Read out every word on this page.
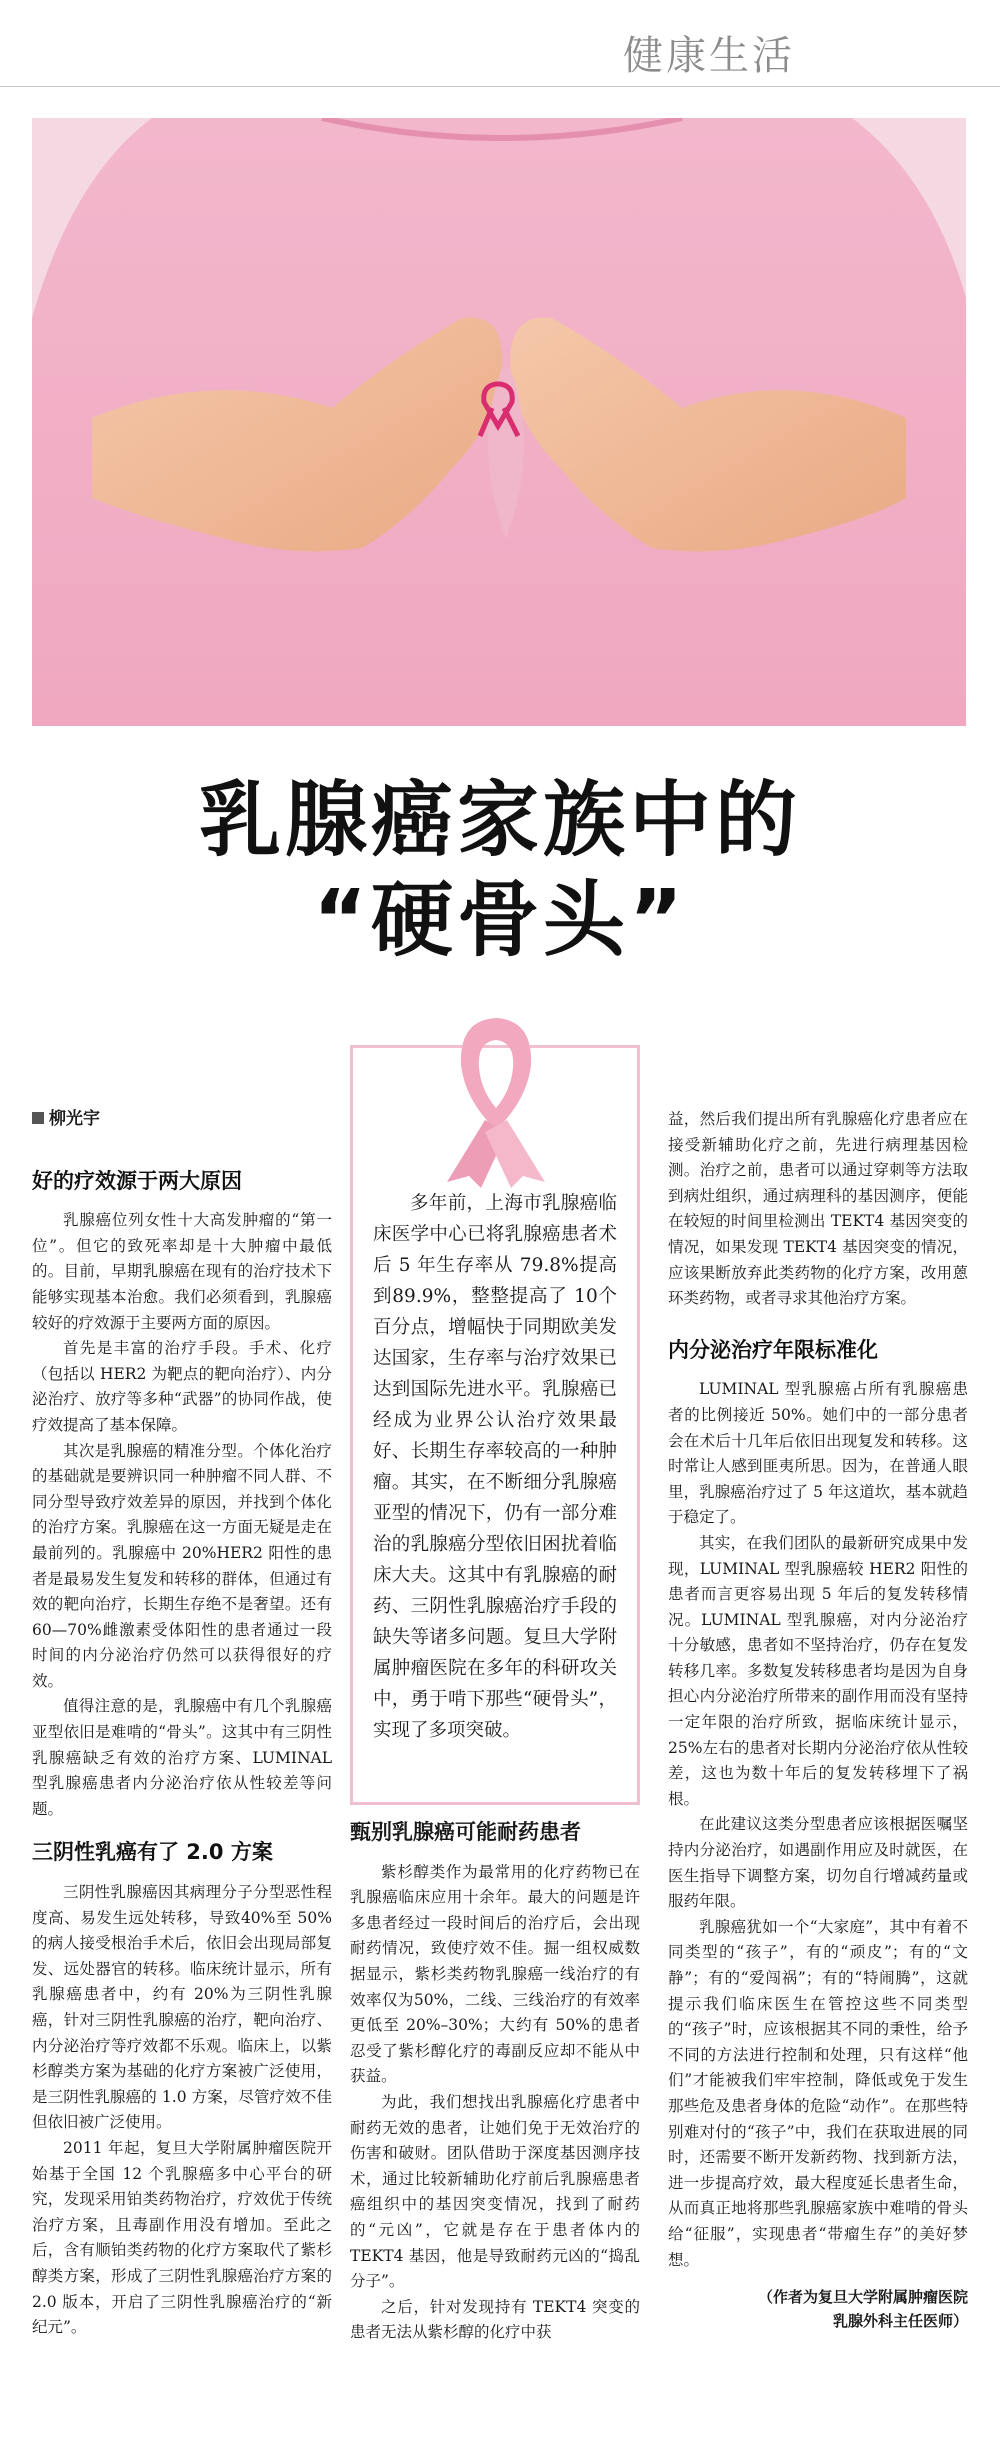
健康生活
乳腺癌家族中的
“硬骨头”
柳光宇
好的疗效源于两大原因

乳腺癌位列女性十大高发肿瘤的“第一位”。但它的致死率却是十大肿瘤中最低的。目前，早期乳腺癌在现有的治疗技术下能够实现基本治愈。我们必须看到，乳腺癌较好的疗效源于主要两方面的原因。

首先是丰富的治疗手段。手术、化疗（包括以 HER2 为靶点的靶向治疗）、内分泌治疗、放疗等多种“武器”的协同作战，使疗效提高了基本保障。

其次是乳腺癌的精准分型。个体化治疗的基础就是要辨识同一种肿瘤不同人群、不同分型导致疗效差异的原因，并找到个体化的治疗方案。乳腺癌在这一方面无疑是走在最前列的。乳腺癌中 20%HER2 阳性的患者是最易发生复发和转移的群体，但通过有效的靶向治疗，长期生存绝不是奢望。还有 60—70%雌激素受体阳性的患者通过一段时间的内分泌治疗仍然可以获得很好的疗效。

值得注意的是，乳腺癌中有几个乳腺癌亚型依旧是难啃的“骨头”。这其中有三阴性乳腺癌缺乏有效的治疗方案、LUMINAL 型乳腺癌患者内分泌治疗依从性较差等问题。

三阴性乳癌有了 2.0 方案

三阴性乳腺癌因其病理分子分型恶性程度高、易发生远处转移，导致40%至 50%的病人接受根治手术后，依旧会出现局部复发、远处器官的转移。临床统计显示，所有乳腺癌患者中，约有 20%为三阴性乳腺癌，针对三阴性乳腺癌的治疗，靶向治疗、内分泌治疗等疗效都不乐观。临床上，以紫杉醇类方案为基础的化疗方案被广泛使用，是三阴性乳腺癌的 1.0 方案，尽管疗效不佳但依旧被广泛使用。

2011 年起，复旦大学附属肿瘤医院开始基于全国 12 个乳腺癌多中心平台的研究，发现采用铂类药物治疗，疗效优于传统治疗方案，且毒副作用没有增加。至此之后，含有顺铂类药物的化疗方案取代了紫杉醇类方案，形成了三阴性乳腺癌治疗方案的 2.0 版本，开启了三阴性乳腺癌治疗的“新纪元”。

多年前，上海市乳腺癌临床医学中心已将乳腺癌患者术后 5 年生存率从 79.8%提高到89.9%，整整提高了 10个百分点，增幅快于同期欧美发达国家，生存率与治疗效果已达到国际先进水平。乳腺癌已经成为业界公认治疗效果最好、长期生存率较高的一种肿瘤。其实，在不断细分乳腺癌亚型的情况下，仍有一部分难治的乳腺癌分型依旧困扰着临床大夫。这其中有乳腺癌的耐药、三阴性乳腺癌治疗手段的缺失等诸多问题。复旦大学附属肿瘤医院在多年的科研攻关中，勇于啃下那些“硬骨头”，实现了多项突破。

甄别乳腺癌可能耐药患者

紫杉醇类作为最常用的化疗药物已在乳腺癌临床应用十余年。最大的问题是许多患者经过一段时间后的治疗后，会出现耐药情况，致使疗效不佳。掘一组权威数据显示，紫杉类药物乳腺癌一线治疗的有效率仅为50%，二线、三线治疗的有效率更低至 20%–30%；大约有 50%的患者忍受了紫杉醇化疗的毒副反应却不能从中获益。

为此，我们想找出乳腺癌化疗患者中耐药无效的患者，让她们免于无效治疗的伤害和破财。团队借助于深度基因测序技术，通过比较新辅助化疗前后乳腺癌患者癌组织中的基因突变情况，找到了耐药的“元凶”，它就是存在于患者体内的 TEKT4 基因，他是导致耐药元凶的“捣乱分子”。

之后，针对发现持有 TEKT4 突变的患者无法从紫杉醇的化疗中获

益，然后我们提出所有乳腺癌化疗患者应在接受新辅助化疗之前，先进行病理基因检测。治疗之前，患者可以通过穿刺等方法取到病灶组织，通过病理科的基因测序，便能在较短的时间里检测出 TEKT4 基因突变的情况，如果发现 TEKT4 基因突变的情况，应该果断放弃此类药物的化疗方案，改用蒽环类药物，或者寻求其他治疗方案。

内分泌治疗年限标准化

LUMINAL 型乳腺癌占所有乳腺癌患者的比例接近 50%。她们中的一部分患者会在术后十几年后依旧出现复发和转移。这时常让人感到匪夷所思。因为，在普通人眼里，乳腺癌治疗过了 5 年这道坎，基本就趋于稳定了。

其实，在我们团队的最新研究成果中发现，LUMINAL 型乳腺癌较 HER2 阳性的患者而言更容易出现 5 年后的复发转移情况。LUMINAL 型乳腺癌，对内分泌治疗十分敏感，患者如不坚持治疗，仍存在复发转移几率。多数复发转移患者均是因为自身担心内分泌治疗所带来的副作用而没有坚持一定年限的治疗所致，据临床统计显示，25%左右的患者对长期内分泌治疗依从性较差，这也为数十年后的复发转移埋下了祸根。

在此建议这类分型患者应该根据医嘱坚持内分泌治疗，如遇副作用应及时就医，在医生指导下调整方案，切勿自行增减药量或服药年限。

乳腺癌犹如一个“大家庭”，其中有着不同类型的“孩子”，有的“顽皮”；有的“文静”；有的“爱闯祸”；有的“特闹腾”，这就提示我们临床医生在管控这些不同类型的“孩子”时，应该根据其不同的秉性，给予不同的方法进行控制和处理，只有这样“他们”才能被我们牢牢控制，降低或免于发生那些危及患者身体的危险“动作”。在那些特别难对付的“孩子”中，我们在获取进展的同时，还需要不断开发新药物、找到新方法，进一步提高疗效，最大程度延长患者生命，从而真正地将那些乳腺癌家族中难啃的骨头给“征服”，实现患者“带瘤生存”的美好梦想。

（作者为复旦大学附属肿瘤医院
乳腺外科主任医师）
